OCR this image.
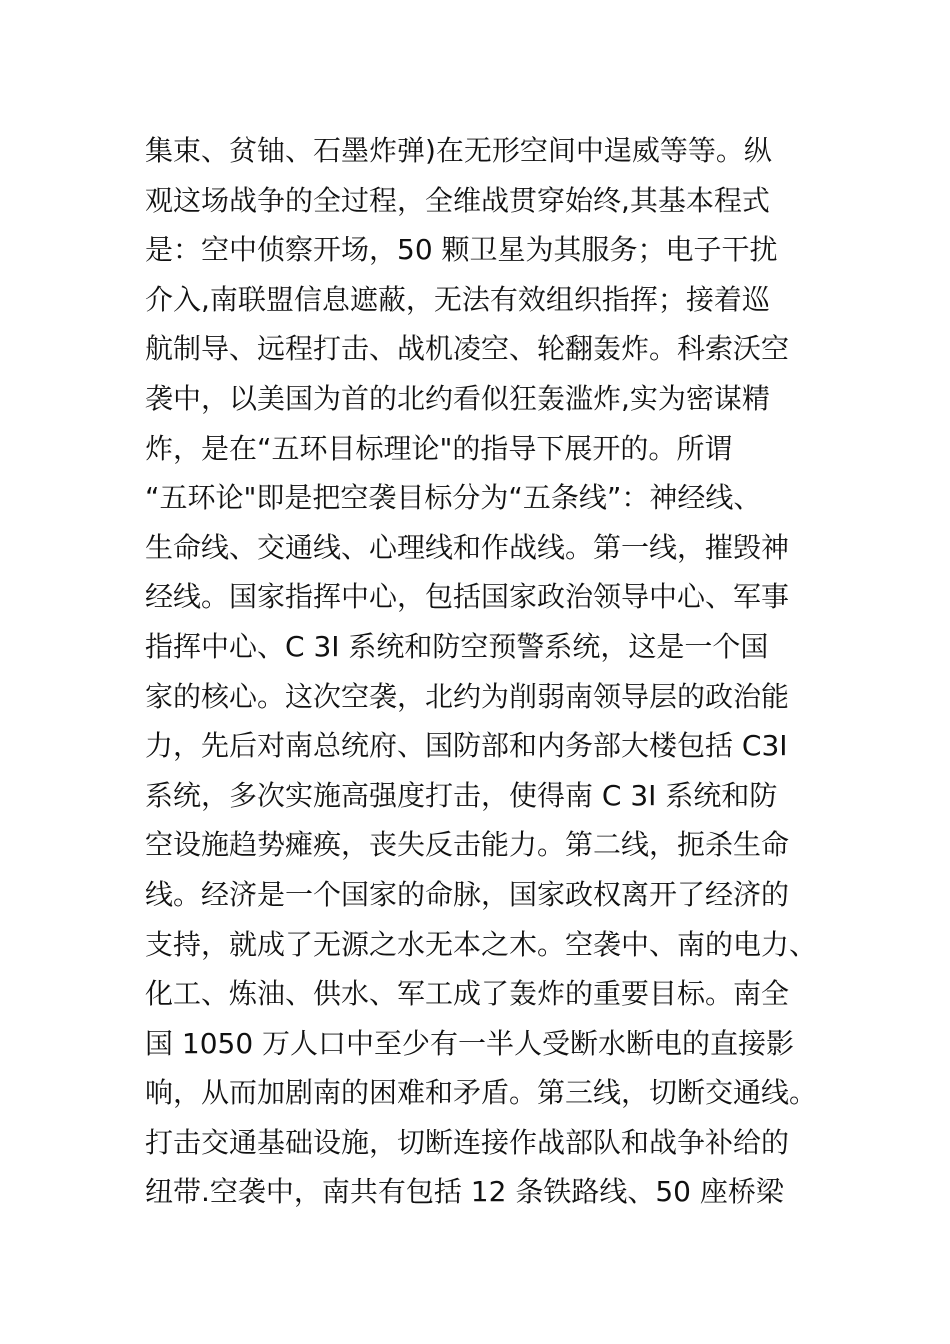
集束、贫铀、石墨炸弹)在无形空间中逞威等等。纵
观这场战争的全过程，全维战贯穿始终,其基本程式
是：空中侦察开场，50 颗卫星为其服务；电子干扰
介入,南联盟信息遮蔽，无法有效组织指挥；接着巡
航制导、远程打击、战机凌空、轮翻轰炸。科索沃空
袭中，以美国为首的北约看似狂轰滥炸,实为密谋精
炸，是在“五环目标理论"的指导下展开的。所谓
“五环论"即是把空袭目标分为“五条线”：神经线、
生命线、交通线、心理线和作战线。第一线，摧毁神
经线。国家指挥中心，包括国家政治领导中心、军事
指挥中心、C 3I 系统和防空预警系统，这是一个国
家的核心。这次空袭，北约为削弱南领导层的政治能
力，先后对南总统府、国防部和内务部大楼包括 C3I
系统，多次实施高强度打击，使得南 C 3I 系统和防
空设施趋势瘫痪，丧失反击能力。第二线，扼杀生命
线。经济是一个国家的命脉，国家政权离开了经济的
支持，就成了无源之水无本之木。空袭中、南的电力、
化工、炼油、供水、军工成了轰炸的重要目标。南全
国 1050 万人口中至少有一半人受断水断电的直接影
响，从而加剧南的困难和矛盾。第三线，切断交通线。
打击交通基础设施，切断连接作战部队和战争补给的
纽带.空袭中，南共有包括 12 条铁路线、50 座桥梁
